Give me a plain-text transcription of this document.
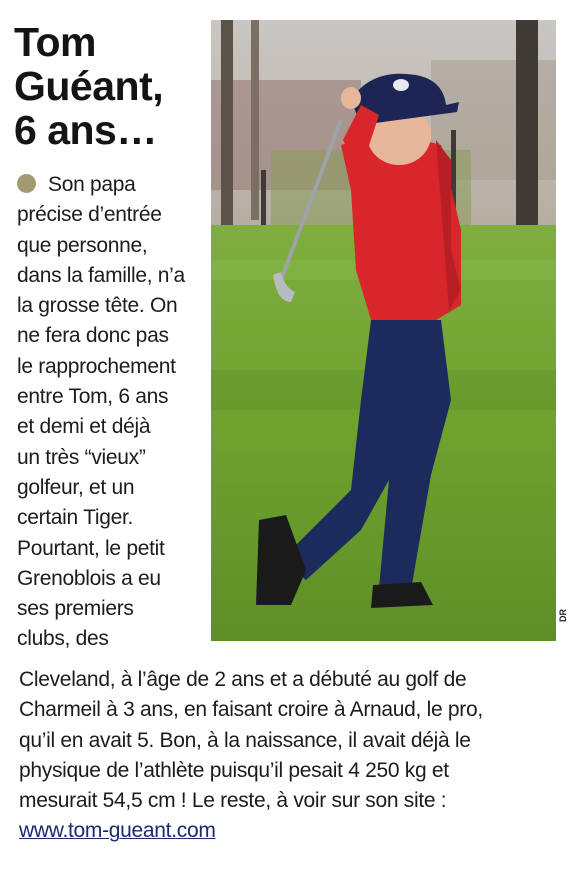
Tom
Guéant,
6 ans…
DR
Son papa
précise d’entrée
que personne,
dans la famille, n’a
la grosse tête. On
ne fera donc pas
le rapprochement
entre Tom, 6 ans
et demi et déjà
un très “vieux”
golfeur, et un
certain Tiger.
Pourtant, le petit
Grenoblois a eu
ses premiers
clubs, des
Cleveland, à l’âge de 2 ans et a débuté au golf de
Charmeil à 3 ans, en faisant croire à Arnaud, le pro,
qu’il en avait 5. Bon, à la naissance, il avait déjà le
physique de l’athlète puisqu’il pesait 4 250 kg et
mesurait 54,5 cm ! Le reste, à voir sur son site :
www.tom-gueant.com
